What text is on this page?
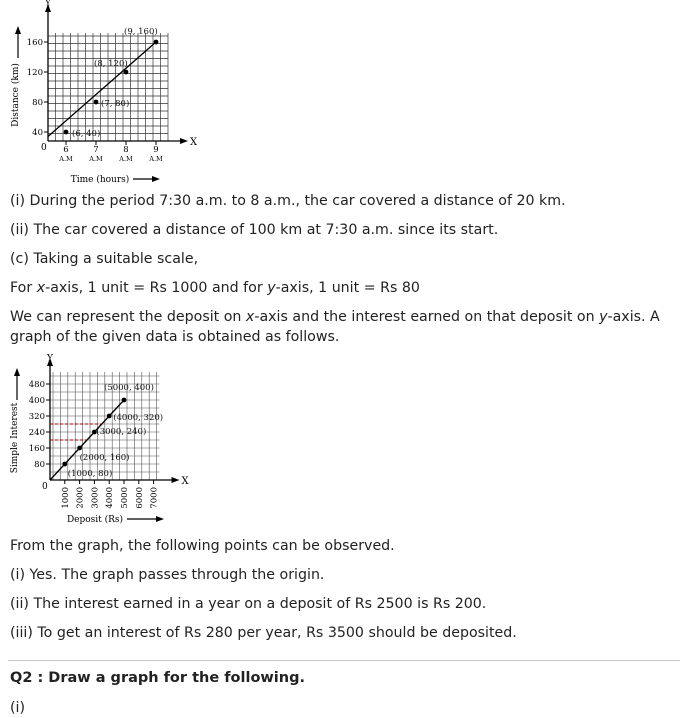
X
Y
0
40
80
120
160
6
A.M
7
A.M
8
A.M
9
A.M
(6, 40)
(7, 80)
(8, 120)
(9, 160)
Distance (km)
Time (hours)

(i) During the period 7:30 a.m. to 8 a.m., the car covered a distance of 20 km.

(ii) The car covered a distance of 100 km at 7:30 a.m. since its start.

(c) Taking a suitable scale,

For x-axis, 1 unit = Rs 1000 and for y-axis, 1 unit = Rs 80

We can represent the deposit on x-axis and the interest earned on that deposit on y-axis. A graph of the given data is obtained as follows.

X
Y
0
80
160
240
320
400
480
1000 2000 3000 4000 5000 6000 7000
(1000, 80)
(2000, 160)
(3000, 240)
(4000, 320)
(5000, 400)
Simple Interest
Deposit (Rs)

From the graph, the following points can be observed.

(i) Yes. The graph passes through the origin.

(ii) The interest earned in a year on a deposit of Rs 2500 is Rs 200.

(iii) To get an interest of Rs 280 per year, Rs 3500 should be deposited.

Q2 : Draw a graph for the following.

(i)
